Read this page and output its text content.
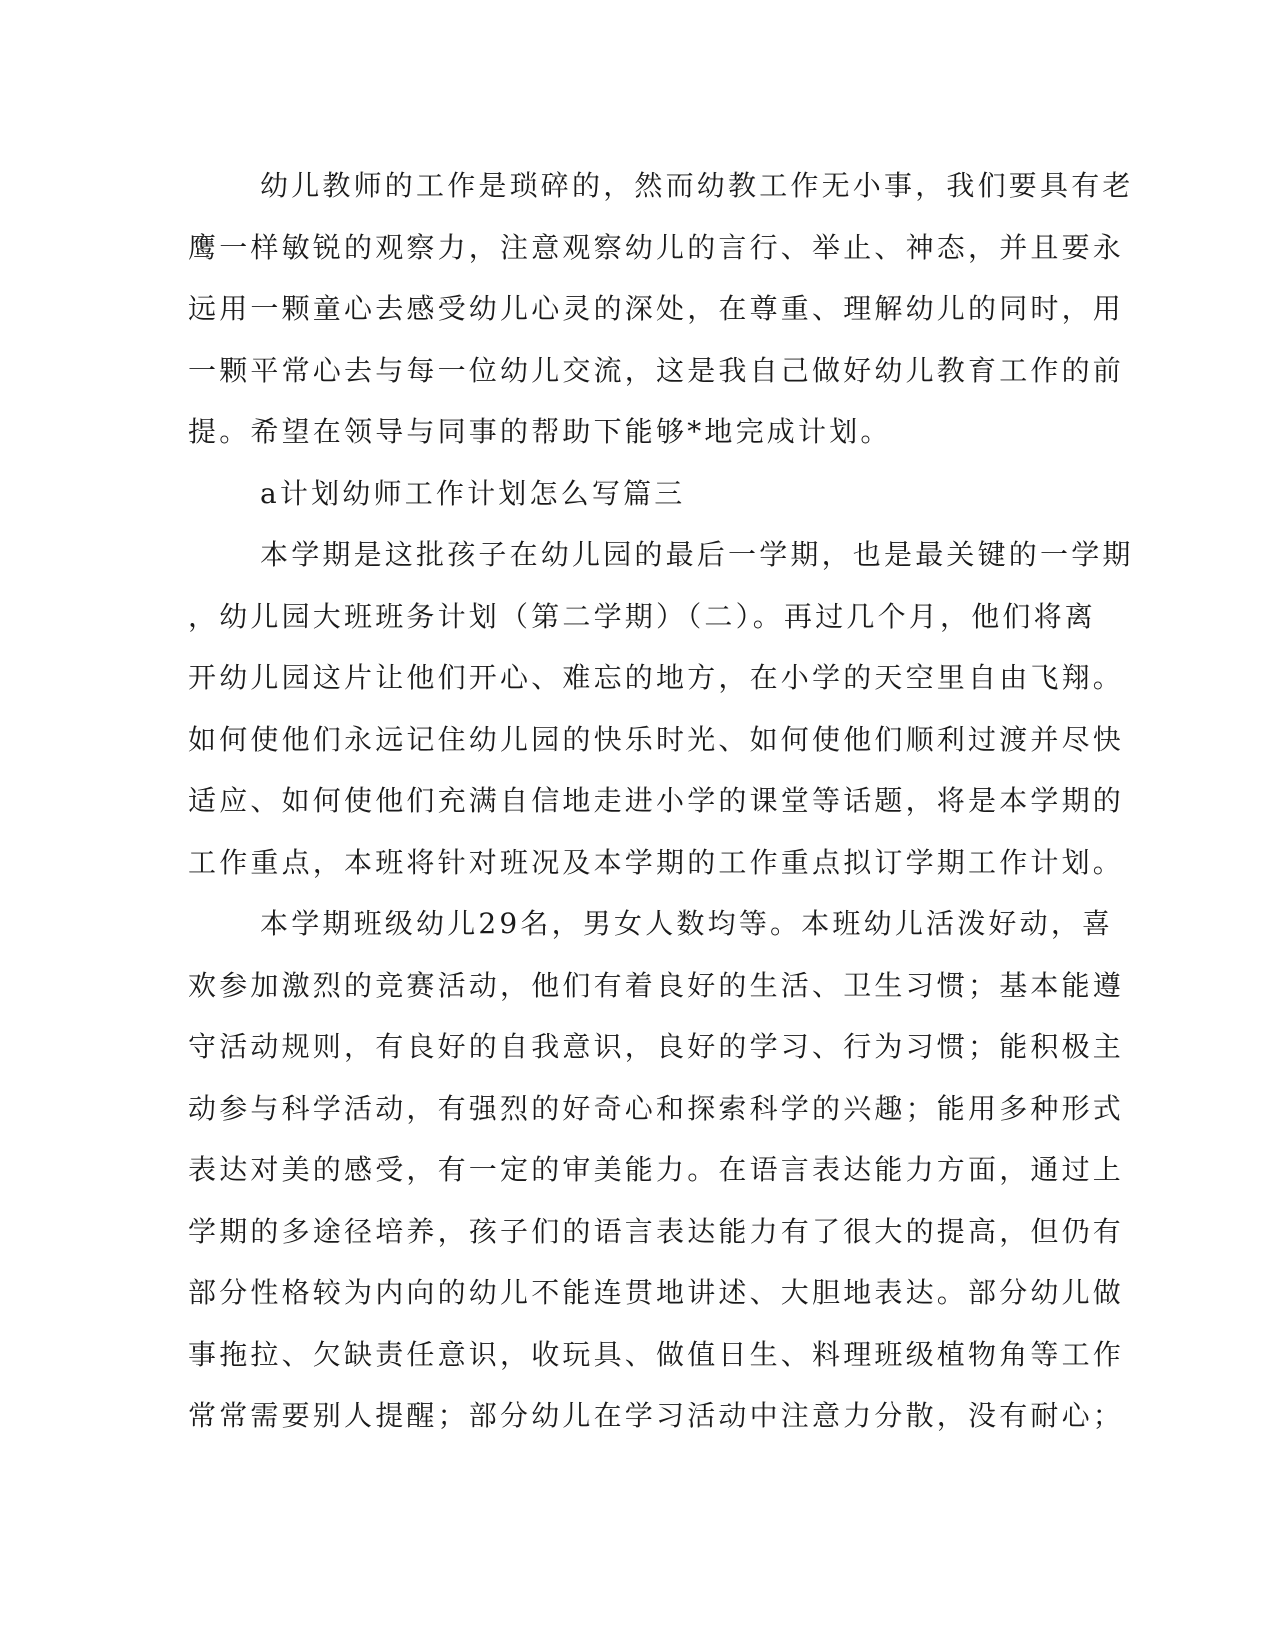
幼儿教师的工作是琐碎的，然而幼教工作无小事，我们要具有老
鹰一样敏锐的观察力，注意观察幼儿的言行、举止、神态，并且要永
远用一颗童心去感受幼儿心灵的深处，在尊重、理解幼儿的同时，用
一颗平常心去与每一位幼儿交流，这是我自己做好幼儿教育工作的前
提。希望在领导与同事的帮助下能够*地完成计划。
a计划幼师工作计划怎么写篇三
本学期是这批孩子在幼儿园的最后一学期，也是最关键的一学期
，幼儿园大班班务计划（第二学期）（二）。再过几个月，他们将离
开幼儿园这片让他们开心、难忘的地方，在小学的天空里自由飞翔。
如何使他们永远记住幼儿园的快乐时光、如何使他们顺利过渡并尽快
适应、如何使他们充满自信地走进小学的课堂等话题，将是本学期的
工作重点，本班将针对班况及本学期的工作重点拟订学期工作计划。
本学期班级幼儿29名，男女人数均等。本班幼儿活泼好动，喜
欢参加激烈的竞赛活动，他们有着良好的生活、卫生习惯；基本能遵
守活动规则，有良好的自我意识，良好的学习、行为习惯；能积极主
动参与科学活动，有强烈的好奇心和探索科学的兴趣；能用多种形式
表达对美的感受，有一定的审美能力。在语言表达能力方面，通过上
学期的多途径培养，孩子们的语言表达能力有了很大的提高，但仍有
部分性格较为内向的幼儿不能连贯地讲述、大胆地表达。部分幼儿做
事拖拉、欠缺责任意识，收玩具、做值日生、料理班级植物角等工作
常常需要别人提醒；部分幼儿在学习活动中注意力分散，没有耐心；
